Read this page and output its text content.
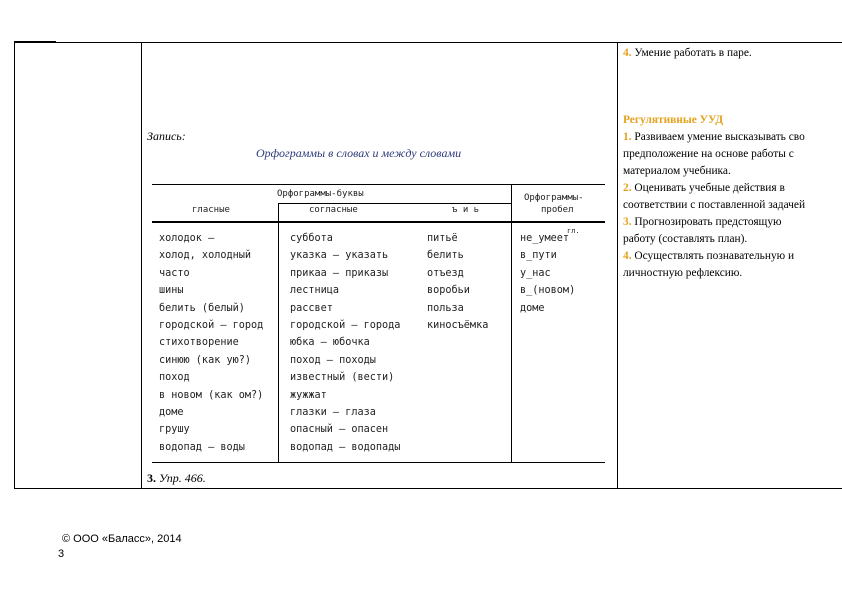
4. Умение работать в паре.

Регулятивные УУД

1. Развиваем умение высказывать сво

предположение на основе работы с

материалом учебника.

2. Оценивать учебные действия в

соответствии с поставленной задачей

3. Прогнозировать предстоящую

работу (составлять план).

4. Осуществлять познавательную и

личностную рефлексию.

Запись:
Орфограммы в словах и между словами
Орфограммы-буквы
гласные	согласные	ъ и ь
Орфограммы-
пробел
холодок –
холод, холодный
часто
шины
белить (белый)
городской – город
стихотворение
синюю (как ую?)
поход
в новом (как ом?)
доме
грушу
водопад – воды
суббота
указка – указать
прикаа – приказы
лестница
рассвет
городской – города
юбка – юбочка
поход – походы
известный (вести)
жужжат
глазки – глаза
опасный – опасен
водопад – водопады
питьё
белить
отъезд
воробьи
польза
киносъёмка
гл.
не_умеет
в_пути
у_нас
в_(новом)
доме
3. Упр. 466.
© ООО «Баласс», 2014
3
